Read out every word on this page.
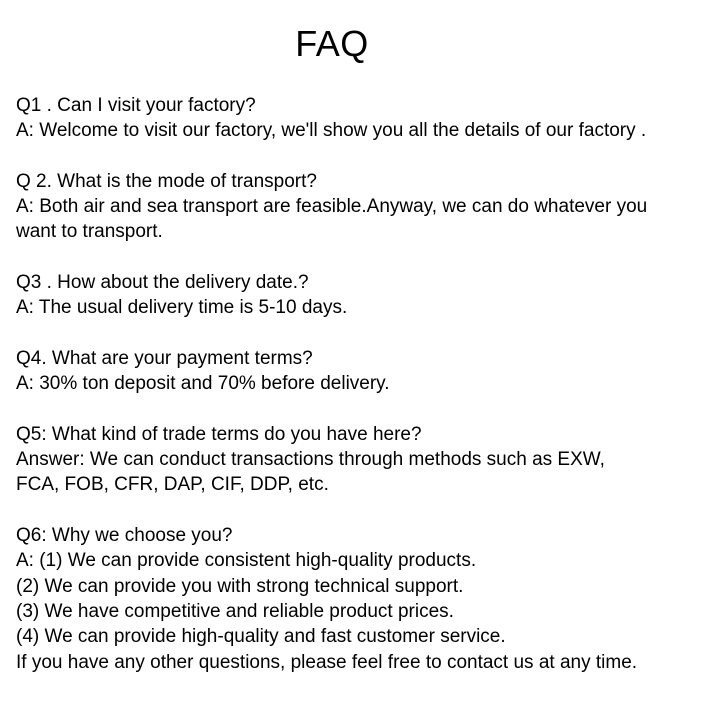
FAQ
Q1 . Can I visit your factory?
A: Welcome to visit our factory, we'll show you all the details of our factory .
Q 2. What is the mode of transport?
A: Both air and sea transport are feasible.Anyway, we can do whatever you
want to transport.
Q3 . How about the delivery date.?
A: The usual delivery time is 5-10 days.
Q4. What are your payment terms?
A: 30% ton deposit and 70% before delivery.
Q5: What kind of trade terms do you have here?
Answer: We can conduct transactions through methods such as EXW,
FCA, FOB, CFR, DAP, CIF, DDP, etc.
Q6: Why we choose you?
A: (1) We can provide consistent high-quality products.
(2) We can provide you with strong technical support.
(3) We have competitive and reliable product prices.
(4) We can provide high-quality and fast customer service.
If you have any other questions, please feel free to contact us at any time.
